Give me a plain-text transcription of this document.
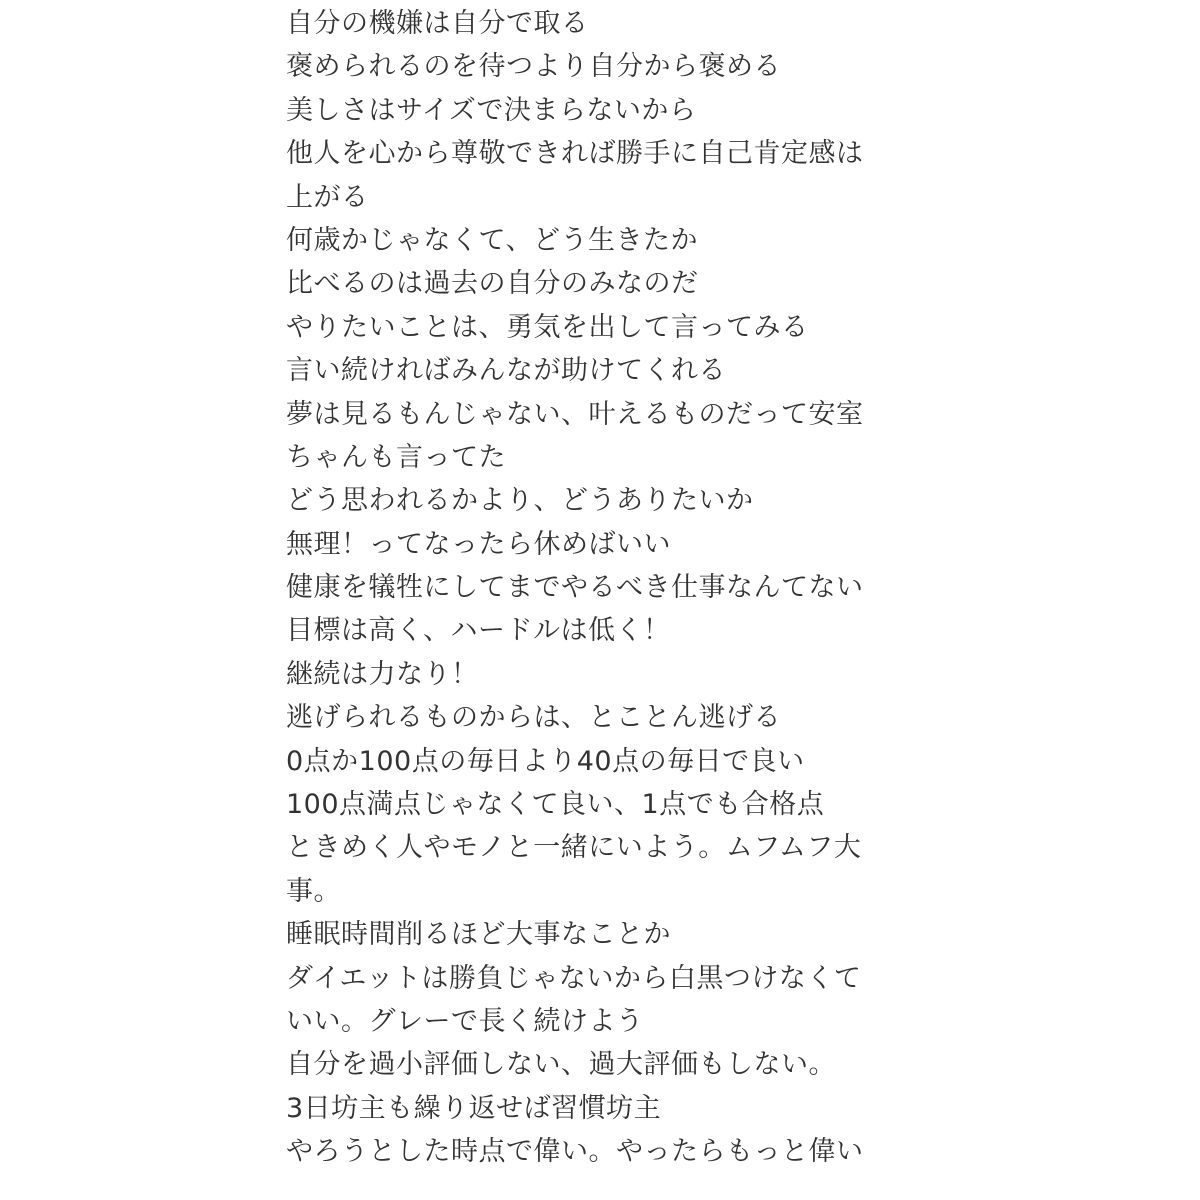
自分の機嫌は自分で取る
褒められるのを待つより自分から褒める
美しさはサイズで決まらないから
他人を心から尊敬できれば勝手に自己肯定感は
上がる
何歳かじゃなくて、どう生きたか
比べるのは過去の自分のみなのだ
やりたいことは、勇気を出して言ってみる
言い続ければみんなが助けてくれる
夢は見るもんじゃない、叶えるものだって安室
ちゃんも言ってた
どう思われるかより、どうありたいか
無理！ってなったら休めばいい
健康を犠牲にしてまでやるべき仕事なんてない
目標は高く、ハードルは低く！
継続は力なり！
逃げられるものからは、とことん逃げる
0点か100点の毎日より40点の毎日で良い
100点満点じゃなくて良い、1点でも合格点
ときめく人やモノと一緒にいよう。ムフムフ大
事。
睡眠時間削るほど大事なことか
ダイエットは勝負じゃないから白黒つけなくて
いい。グレーで長く続けよう
自分を過小評価しない、過大評価もしない。
3日坊主も繰り返せば習慣坊主
やろうとした時点で偉い。やったらもっと偉い
